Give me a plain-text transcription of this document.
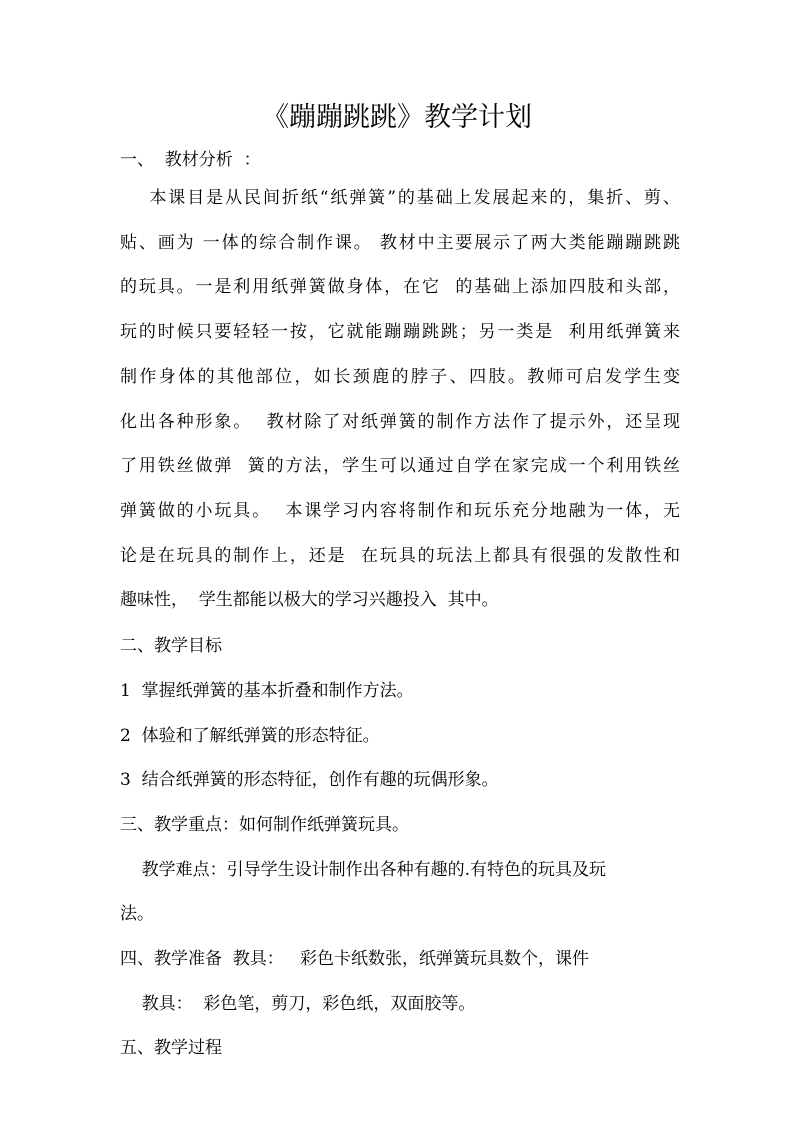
《蹦蹦跳跳》教学计划
一、  教材分析  ：
本课目是从民间折纸“纸弹簧”的基础上发展起来的，集折、剪、
贴、画为 一体的综合制作课。 教材中主要展示了两大类能蹦蹦跳跳
的玩具。一是利用纸弹簧做身体，在它  的基础上添加四肢和头部，
玩的时候只要轻轻一按，它就能蹦蹦跳跳；另一类是  利用纸弹簧来
制作身体的其他部位，如长颈鹿的脖子、四肢。教师可启发学生变
化出各种形象。  教材除了对纸弹簧的制作方法作了提示外，还呈现
了用铁丝做弹  簧的方法，学生可以通过自学在家完成一个利用铁丝
弹簧做的小玩具。  本课学习内容将制作和玩乐充分地融为一体，无
论是在玩具的制作上，还是  在玩具的玩法上都具有很强的发散性和
趣味性，  学生都能以极大的学习兴趣投入  其中。
二、教学目标
1  掌握纸弹簧的基本折叠和制作方法。
2  体验和了解纸弹簧的形态特征。
3  结合纸弹簧的形态特征，创作有趣的玩偶形象。
三、教学重点：如何制作纸弹簧玩具。
教学难点：引导学生设计制作出各种有趣的.有特色的玩具及玩
法。
四、教学准备  教具：   彩色卡纸数张，纸弹簧玩具数个，课件
教具：  彩色笔，剪刀，彩色纸，双面胶等。
五、教学过程
